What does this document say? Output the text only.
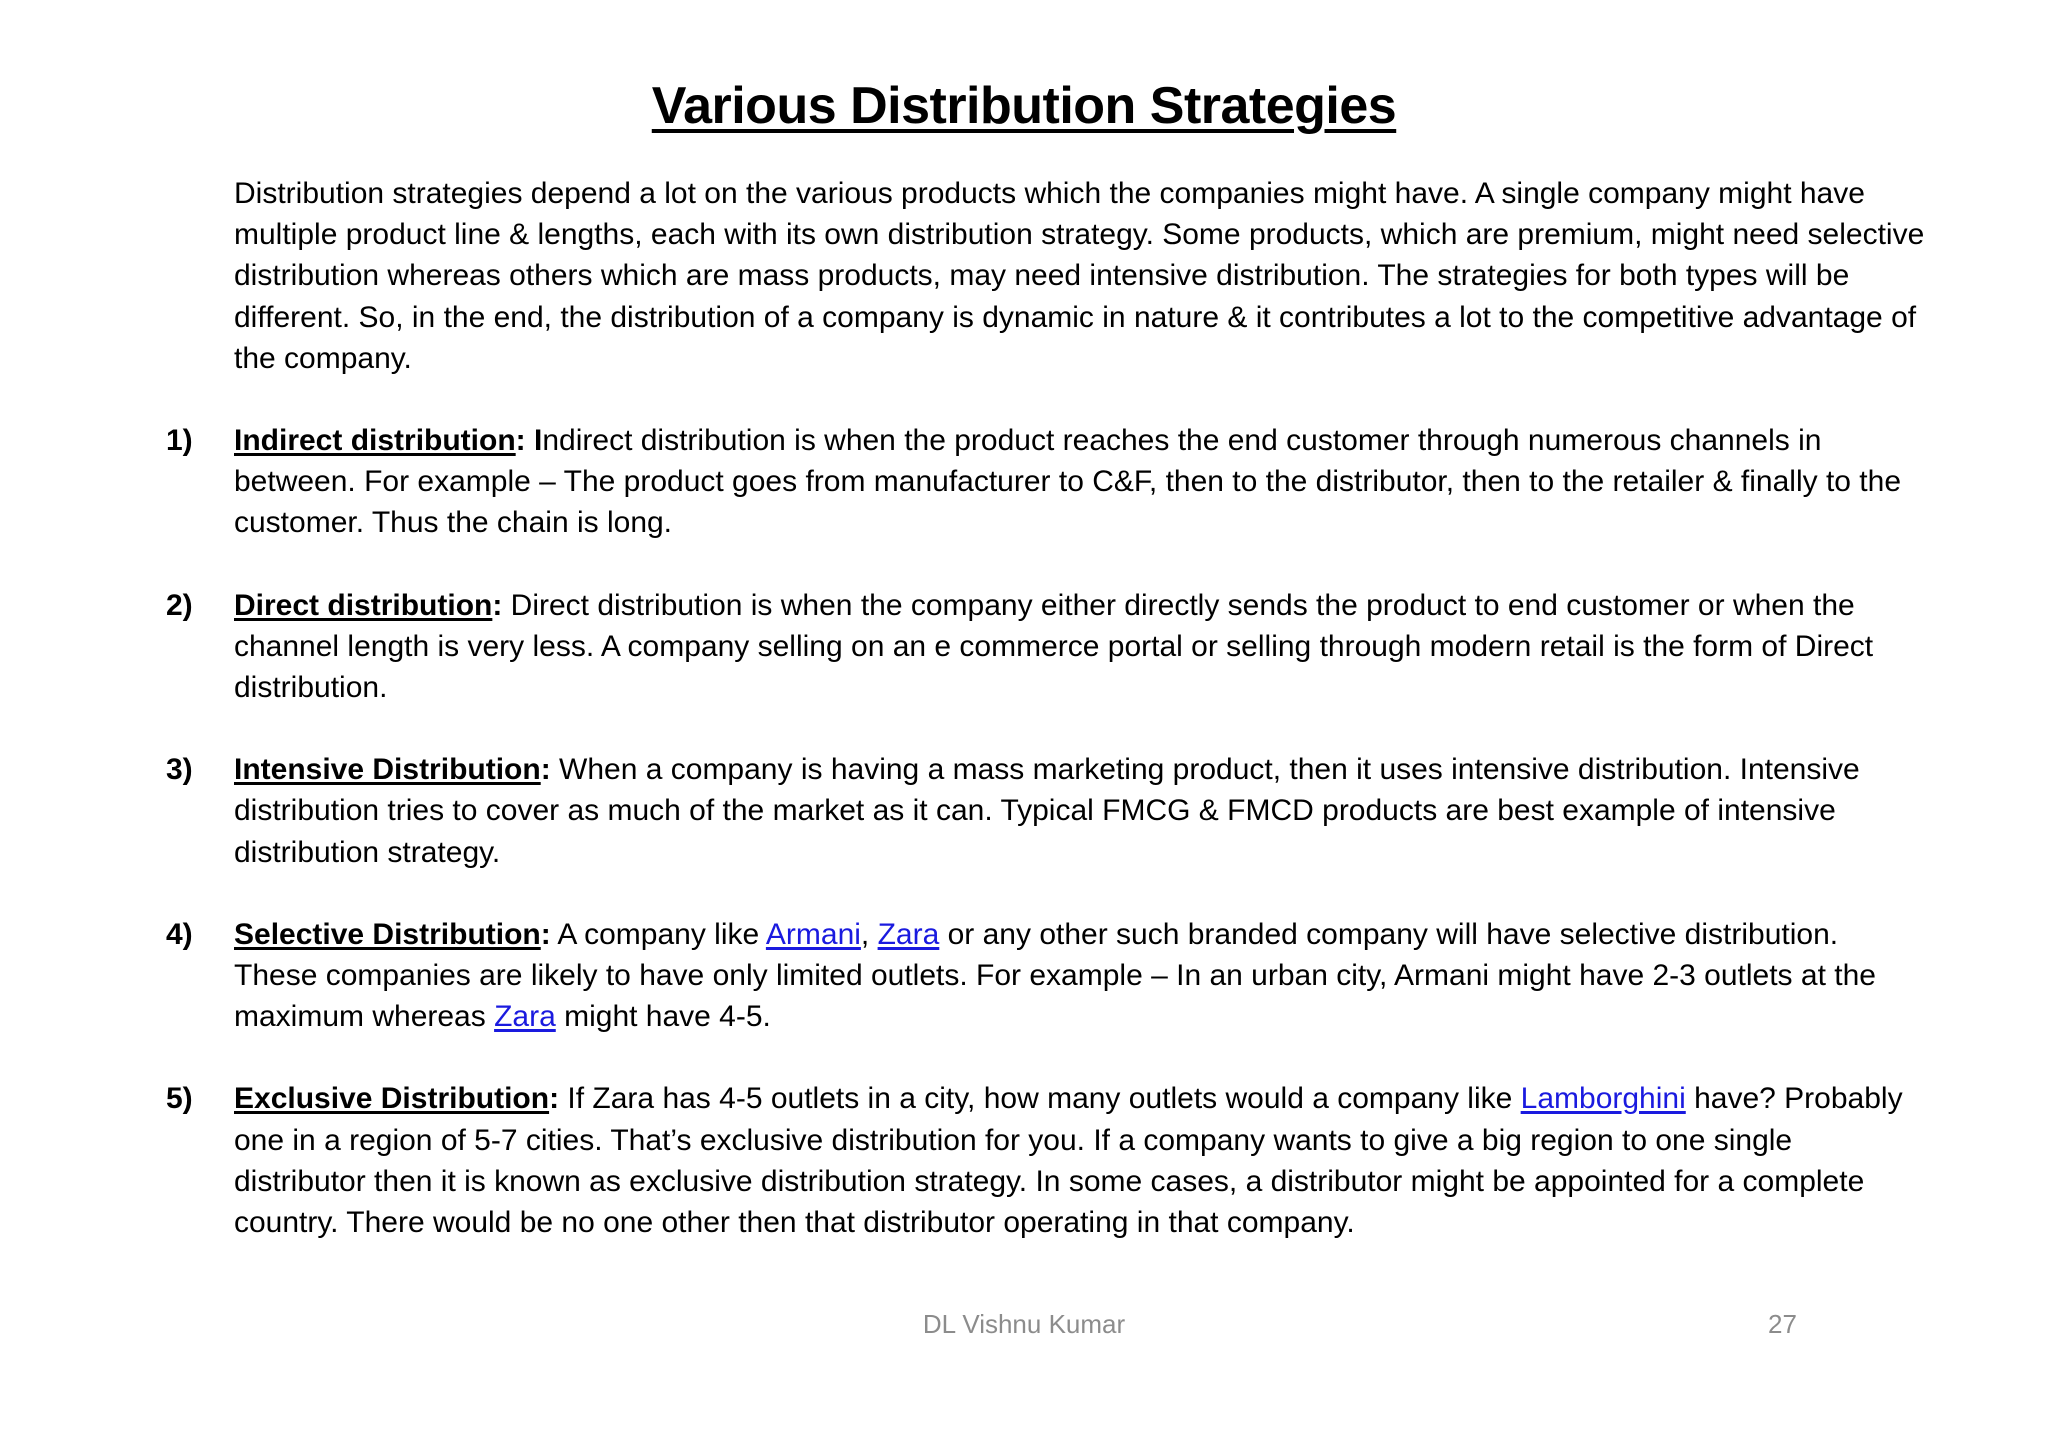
Various Distribution Strategies

Distribution strategies depend a lot on the various products which the companies might have. A single company might have multiple product line & lengths, each with its own distribution strategy. Some products, which are premium, might need selective distribution whereas others which are mass products, may need intensive distribution. The strategies for both types will be different. So, in the end, the distribution of a company is dynamic in nature & it contributes a lot to the competitive advantage of the company.

1) Indirect distribution: Indirect distribution is when the product reaches the end customer through numerous channels in between. For example – The product goes from manufacturer to C&F, then to the distributor, then to the retailer & finally to the customer. Thus the chain is long.
2) Direct distribution: Direct distribution is when the company either directly sends the product to end customer or when the channel length is very less. A company selling on an e commerce portal or selling through modern retail is the form of Direct distribution.
3) Intensive Distribution: When a company is having a mass marketing product, then it uses intensive distribution. Intensive distribution tries to cover as much of the market as it can. Typical FMCG & FMCD products are best example of intensive distribution strategy.
4) Selective Distribution: A company like Armani, Zara or any other such branded company will have selective distribution. These companies are likely to have only limited outlets. For example – In an urban city, Armani might have 2-3 outlets at the maximum whereas Zara might have 4-5.
5) Exclusive Distribution: If Zara has 4-5 outlets in a city, how many outlets would a company like Lamborghini have? Probably one in a region of 5-7 cities. That’s exclusive distribution for you. If a company wants to give a big region to one single distributor then it is known as exclusive distribution strategy. In some cases, a distributor might be appointed for a complete country. There would be no one other then that distributor operating in that company.
DL Vishnu Kumar	27
